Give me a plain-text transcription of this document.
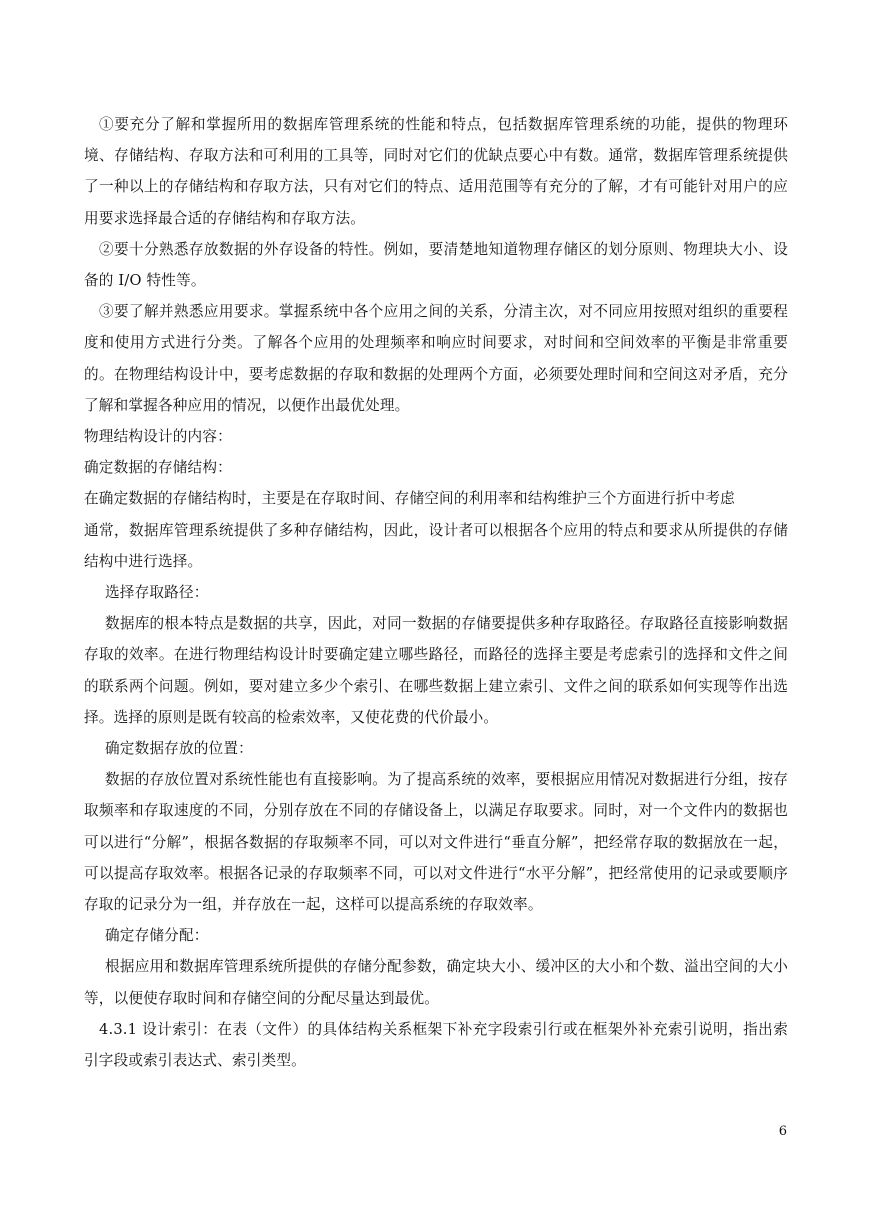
①要充分了解和掌握所用的数据库管理系统的性能和特点，包括数据库管理系统的功能，提供的物理环境、存储结构、存取方法和可利用的工具等，同时对它们的优缺点要心中有数。通常，数据库管理系统提供了一种以上的存储结构和存取方法，只有对它们的特点、适用范围等有充分的了解，才有可能针对用户的应用要求选择最合适的存储结构和存取方法。

②要十分熟悉存放数据的外存设备的特性。例如，要清楚地知道物理存储区的划分原则、物理块大小、设备的 I/O 特性等。

③要了解并熟悉应用要求。掌握系统中各个应用之间的关系，分清主次，对不同应用按照对组织的重要程度和使用方式进行分类。了解各个应用的处理频率和响应时间要求，对时间和空间效率的平衡是非常重要的。在物理结构设计中，要考虑数据的存取和数据的处理两个方面，必须要处理时间和空间这对矛盾，充分了解和掌握各种应用的情况，以便作出最优处理。

物理结构设计的内容：

确定数据的存储结构：

在确定数据的存储结构时，主要是在存取时间、存储空间的利用率和结构维护三个方面进行折中考虑

通常，数据库管理系统提供了多种存储结构，因此，设计者可以根据各个应用的特点和要求从所提供的存储结构中进行选择。

选择存取路径：

数据库的根本特点是数据的共享，因此，对同一数据的存储要提供多种存取路径。存取路径直接影响数据存取的效率。在进行物理结构设计时要确定建立哪些路径，而路径的选择主要是考虑索引的选择和文件之间的联系两个问题。例如，要对建立多少个索引、在哪些数据上建立索引、文件之间的联系如何实现等作出选择。选择的原则是既有较高的检索效率，又使花费的代价最小。

确定数据存放的位置：

数据的存放位置对系统性能也有直接影响。为了提高系统的效率，要根据应用情况对数据进行分组，按存取频率和存取速度的不同，分别存放在不同的存储设备上，以满足存取要求。同时，对一个文件内的数据也可以进行“分解”，根据各数据的存取频率不同，可以对文件进行“垂直分解”，把经常存取的数据放在一起，可以提高存取效率。根据各记录的存取频率不同，可以对文件进行“水平分解”，把经常使用的记录或要顺序存取的记录分为一组，并存放在一起，这样可以提高系统的存取效率。

确定存储分配：

根据应用和数据库管理系统所提供的存储分配参数，确定块大小、缓冲区的大小和个数、溢出空间的大小等，以便使存取时间和存储空间的分配尽量达到最优。

4.3.1 设计索引：在表（文件）的具体结构关系框架下补充字段索引行或在框架外补充索引说明，指出索引字段或索引表达式、索引类型。

6
